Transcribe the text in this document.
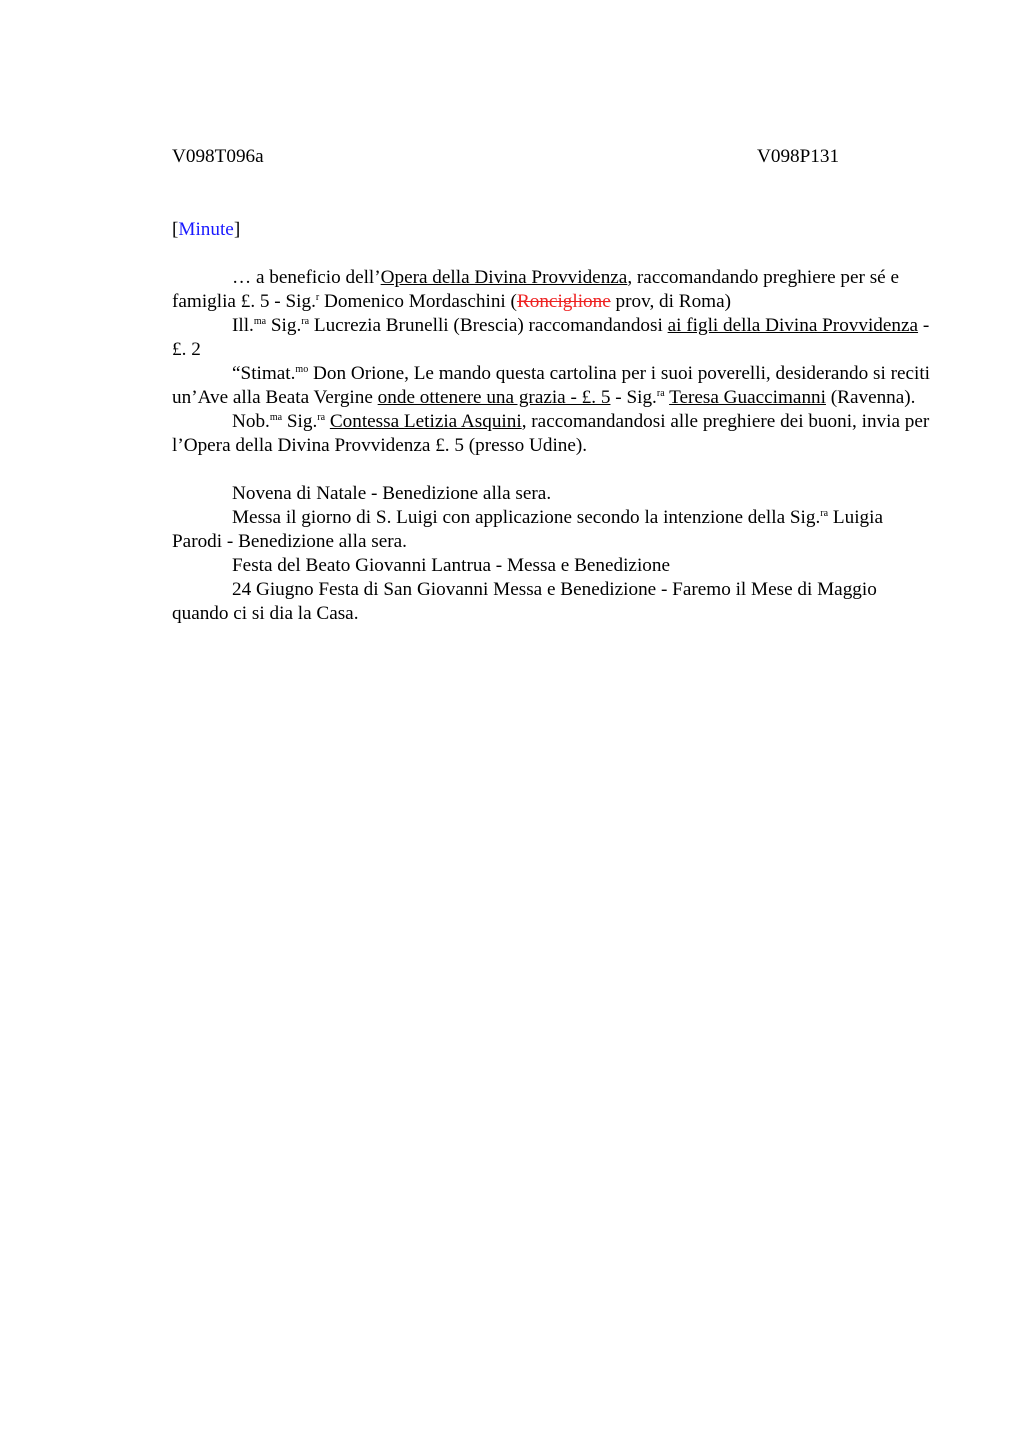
V098T096a	V098P131
[Minute]

… a beneficio dell’Opera della Divina Provvidenza, raccomandando preghiere per sé e famiglia £. 5 - Sig.$^r$ Domenico Mordaschini (Ronciglione prov, di Roma)

Ill.$^{ma}$ Sig.$^{ra}$ Lucrezia Brunelli (Brescia) raccomandandosi ai figli della Divina Provvidenza - £. 2

“Stimat.$^{mo}$ Don Orione, Le mando questa cartolina per i suoi poverelli, desiderando si reciti un’Ave alla Beata Vergine onde ottenere una grazia - £. 5 - Sig.$^{ra}$ Teresa Guaccimanni (Ravenna).

Nob.$^{ma}$ Sig.$^{ra}$ Contessa Letizia Asquini, raccomandandosi alle preghiere dei buoni, invia per l’Opera della Divina Provvidenza £. 5 (presso Udine).

Novena di Natale - Benedizione alla sera.

Messa il giorno di S. Luigi con applicazione secondo la intenzione della Sig.$^{ra}$ Luigia Parodi - Benedizione alla sera.

Festa del Beato Giovanni Lantrua - Messa e Benedizione

24 Giugno Festa di San Giovanni Messa e Benedizione - Faremo il Mese di Maggio quando ci si dia la Casa.
